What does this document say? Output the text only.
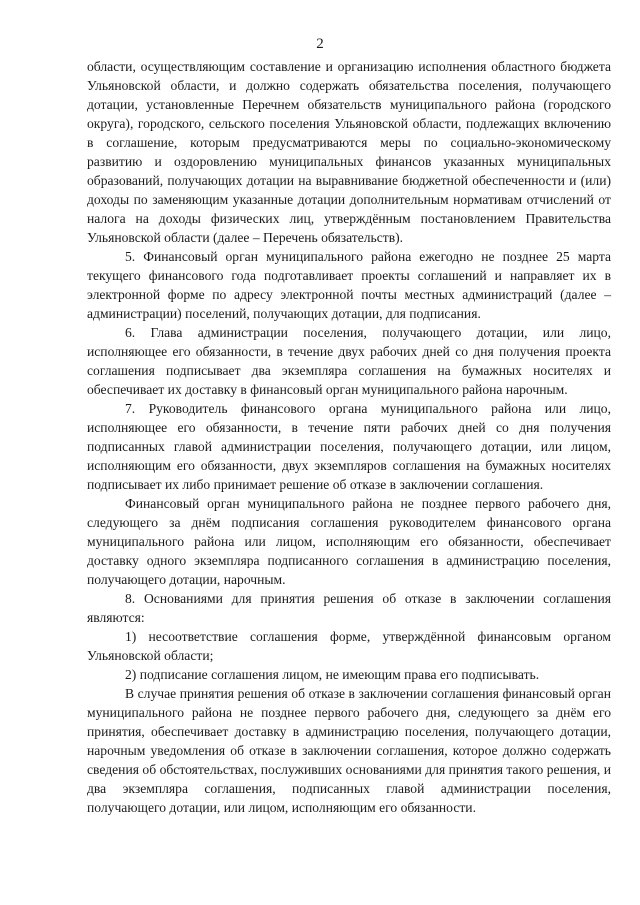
2

области, осуществляющим составление и организацию исполнения областного бюджета Ульяновской области, и должно содержать обязательства поселения, получающего дотации, установленные Перечнем обязательств муниципального района (городского округа), городского, сельского поселения Ульяновской области, подлежащих включению в соглашение, которым предусматриваются меры по социально-экономическому развитию и оздоровлению муниципальных финансов указанных муниципальных образований, получающих дотации на выравнивание бюджетной обеспеченности и (или) доходы по заменяющим указанные дотации дополнительным нормативам отчислений от налога на доходы физических лиц, утверждённым постановлением Правительства Ульяновской области (далее – Перечень обязательств).

5. Финансовый орган муниципального района ежегодно не позднее 25 марта текущего финансового года подготавливает проекты соглашений и направляет их в электронной форме по адресу электронной почты местных администраций (далее – администрации) поселений, получающих дотации, для подписания.

6. Глава администрации поселения, получающего дотации, или лицо, исполняющее его обязанности, в течение двух рабочих дней со дня получения проекта соглашения подписывает два экземпляра соглашения на бумажных носителях и обеспечивает их доставку в финансовый орган муниципального района нарочным.

7. Руководитель финансового органа муниципального района или лицо, исполняющее его обязанности, в течение пяти рабочих дней со дня получения подписанных главой администрации поселения, получающего дотации, или лицом, исполняющим его обязанности, двух экземпляров соглашения на бумажных носителях подписывает их либо принимает решение об отказе в заключении соглашения.

Финансовый орган муниципального района не позднее первого рабочего дня, следующего за днём подписания соглашения руководителем финансового органа муниципального района или лицом, исполняющим его обязанности, обеспечивает доставку одного экземпляра подписанного соглашения в администрацию поселения, получающего дотации, нарочным.

8. Основаниями для принятия решения об отказе в заключении соглашения являются:

1) несоответствие соглашения форме, утверждённой финансовым органом Ульяновской области;

2) подписание соглашения лицом, не имеющим права его подписывать.

В случае принятия решения об отказе в заключении соглашения финансовый орган муниципального района не позднее первого рабочего дня, следующего за днём его принятия, обеспечивает доставку в администрацию поселения, получающего дотации, нарочным уведомления об отказе в заключении соглашения, которое должно содержать сведения об обстоятельствах, послуживших основаниями для принятия такого решения, и два экземпляра соглашения, подписанных главой администрации поселения, получающего дотации, или лицом, исполняющим его обязанности.
